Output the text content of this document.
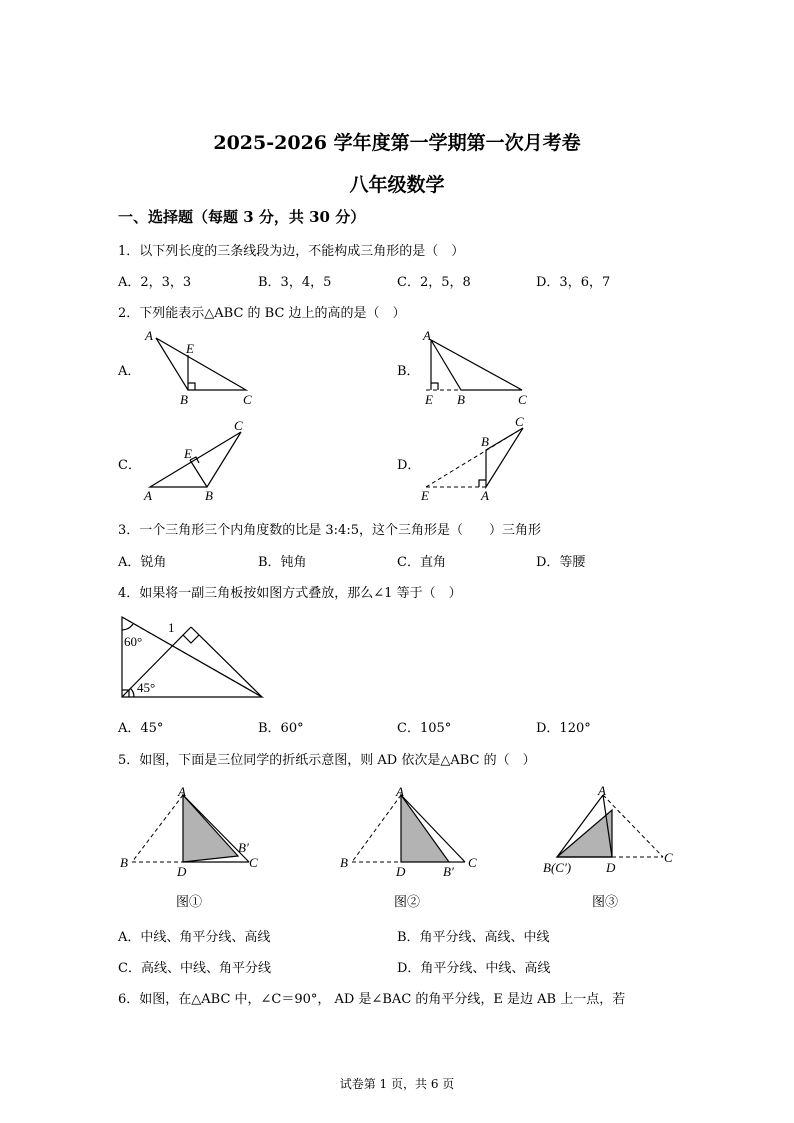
2025-2026 学年度第一学期第一次月考卷
八年级数学
一、选择题（每题 3 分，共 30 分）
1．以下列长度的三条线段为边，不能构成三角形的是（　）
A．2，3，3	B．3，4，5	C．2，5，8	D．3，6，7
2．下列能表示△ABC 的 BC 边上的高的是（　）
A．	B．
C．	D．
A
E
B	C
A
E B	C
C
E
A	B
C
B
E	A
3．一个三角形三个内角度数的比是 3:4:5，这个三角形是（　　）三角形
A．锐角	B．钝角	C．直角	D．等腰
4．如果将一副三角板按如图方式叠放，那么∠1 等于（　）
1
60°
45°
A．45°	B．60°	C．105°	D．120°
5．如图，下面是三位同学的折纸示意图，则 AD 依次是△ABC 的（　）
A
B
D
B′
C
图①
A
B
D	B′
C
图②
A
B(C′)	D
C
图③
A．中线、角平分线、高线	B．角平分线、高线、中线
C．高线、中线、角平分线	D．角平分线、中线、高线
6．如图，在△ABC 中，∠C＝90°， AD 是∠BAC 的角平分线，E 是边 AB 上一点，若
试卷第 1 页，共 6 页
